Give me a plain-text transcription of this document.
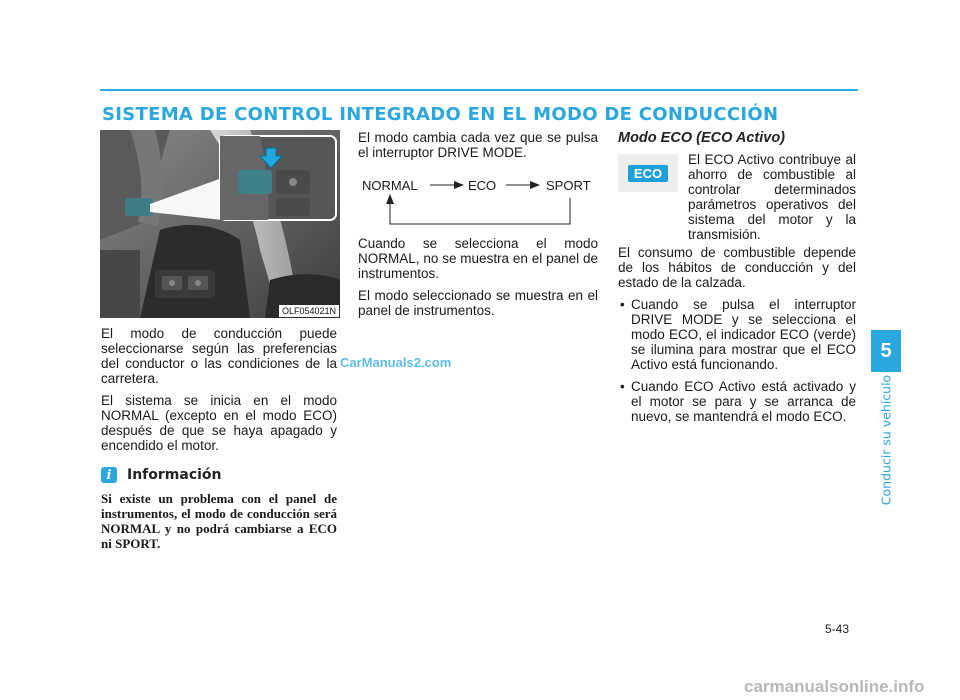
SISTEMA DE CONTROL INTEGRADO EN EL MODO DE CONDUCCIÓN
OLF054021N

El modo de conducción puede seleccionarse según las preferencias del conductor o las condiciones de la carretera.

El sistema se inicia en el modo NORMAL (excepto en el modo ECO) después de que se haya apagado y encendido el motor.

i	Información

Si existe un problema con el panel de instrumentos, el modo de conducción será NORMAL y no podrá cambiarse a ECO ni SPORT.

CarManuals2.com

El modo cambia cada vez que se pulsa el interruptor DRIVE MODE.

NORMAL	ECO	SPORT

Cuando se selecciona el modo NORMAL, no se muestra en el panel de instrumentos.

El modo seleccionado se muestra en el panel de instrumentos.

Modo ECO (ECO Activo)
ECO

El ECO Activo contribuye al ahorro de combustible al controlar determinados parámetros operativos del sistema del motor y la transmisión.

El consumo de combustible depende de los hábitos de conducción y del estado de la calzada.

• Cuando se pulsa el interruptor DRIVE MODE y se selecciona el modo ECO, el indicador ECO (verde) se ilumina para mostrar que el ECO Activo está funcionando.
• Cuando ECO Activo está activado y el motor se para y se arranca de nuevo, se mantendrá el modo ECO.
5
Conducir su vehículo
5-43
carmanualsonline.info
